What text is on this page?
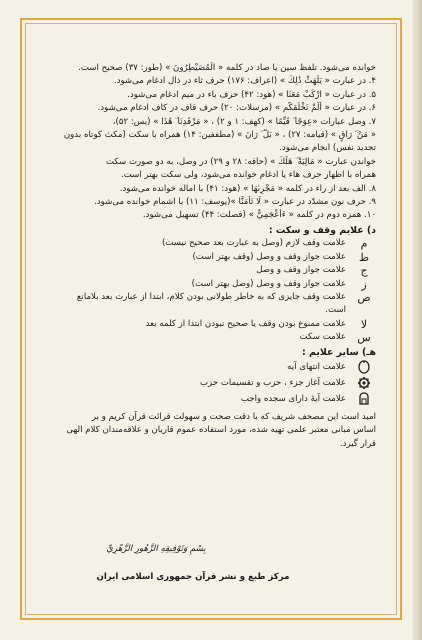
خوانده می‌شود. تلفظ سین یا صاد در کلمه « الْمُصَيْطِرُونَ » (طور: ۳۷) صحیح است.
۴. در عبارت « يَلْهَثْ ذَٰلِكَ » (اعراف: ۱۷۶) حرف ثاء در ذال ادغام می‌شود.
۵. در عبارت « ارْكَبْ مَعَنَا » (هود: ۴۲) حرف باء در میم ادغام می‌شود.
۶. در عبارت « أَلَمْ نَخْلُقكُّم » (مرسلات: ۲۰) حرف قاف در کاف ادغام می‌شود.
۷. وصل عبارات «عِوَجًا ۜ قَيِّمًا » (کهف: ۱ و ۲) ، « مَرْقَدِنَا ۜ هَٰذَا » (یس: ۵۲)،
« مَنْ ۜ رَاقٍ » (قیامه: ۲۷) ، « بَلْ ۜ رَانَ » (مطففین: ۱۴) همراه با سکت (مکث کوتاه بدون
تجدید نفس) انجام می‌شود.
خواندن عبارت « مَالِيَهْ ۜ هَلَكَ » (حاقه: ۲۸ و ۲۹) در وصل، به دو صورت سکت
همراه با اظهار حرف هاء یا ادغام خوانده می‌شود، ولی سکت بهتر است.
۸. الف بعد از راء در کلمه « مَجْرِىٰهَا » (هود: ۴۱) با اماله خوانده می‌شود.
۹. حرف نون مشدّد در عبارت « لَا تَأْمَنَّا »(یوسف: ۱۱) با اشمام خوانده می‌شود.
۱۰. همزه دوم در کلمه « ءَأَعْجَمِيٌّ » (فصلت: ۴۴) تسهیل می‌شود.
د) علایم وقف و سکت :
م
علامت وقف لازم (وصل به عبارت بعد صحیح نیست)
ط
علامت جواز وقف و وصل (وقف بهتر است)
ج
علامت جواز وقف و وصل
ز
علامت جواز وقف و وصل (وصل بهتر است)
ص
علامت وقف جایزی که به خاطر طولانی بودن کلام، ابتدا از عبارت بعد بلامانع
است.
لا
علامت ممنوع بودن وقف یا صحیح نبودن ابتدا از کلمه بعد
س
علامت سکت
هـ) سایر علایم :
علامت انتهای آیه
علامت آغاز جزء ، حزب و تقسیمات حزب
علامت آیهٔ دارای سجده واجب
امید است این مصحف شریف که با دقت صحت و سهولت قرائت قرآن کریم و بر
اساس مبانی معتبر علمی تهیه شده، مورد استفاده عموم قاریان و علاقه‌مندان کلام الهی
قرار گیرد.
بِسْمِ وَتَوْفِيقِهِ الزَّهُورِ الزَّهْرِيِّ
مرکز طبع و نشر قرآن جمهوری اسلامی ایران
